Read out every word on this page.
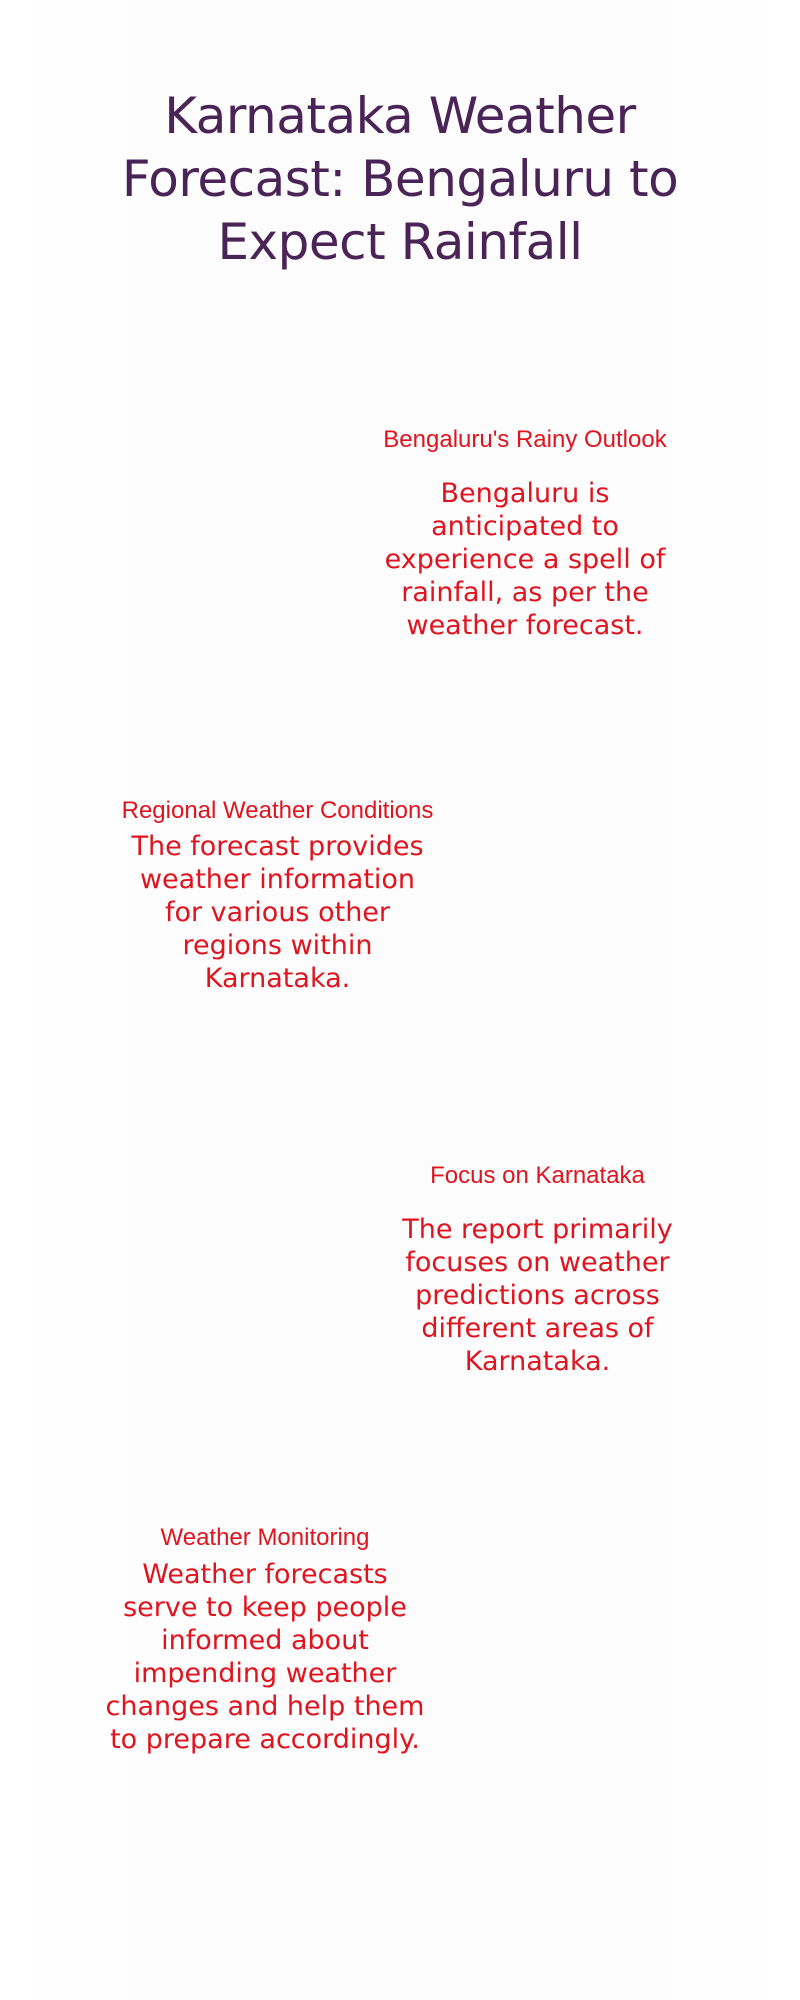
Karnataka Weather Forecast: Bengaluru to Expect Rainfall
Bengaluru's Rainy Outlook

Bengaluru is anticipated to experience a spell of rainfall, as per the weather forecast.

Regional Weather Conditions

The forecast provides weather information for various other regions within Karnataka.

Focus on Karnataka

The report primarily focuses on weather predictions across different areas of Karnataka.

Weather Monitoring

Weather forecasts serve to keep people informed about impending weather changes and help them to prepare accordingly.
